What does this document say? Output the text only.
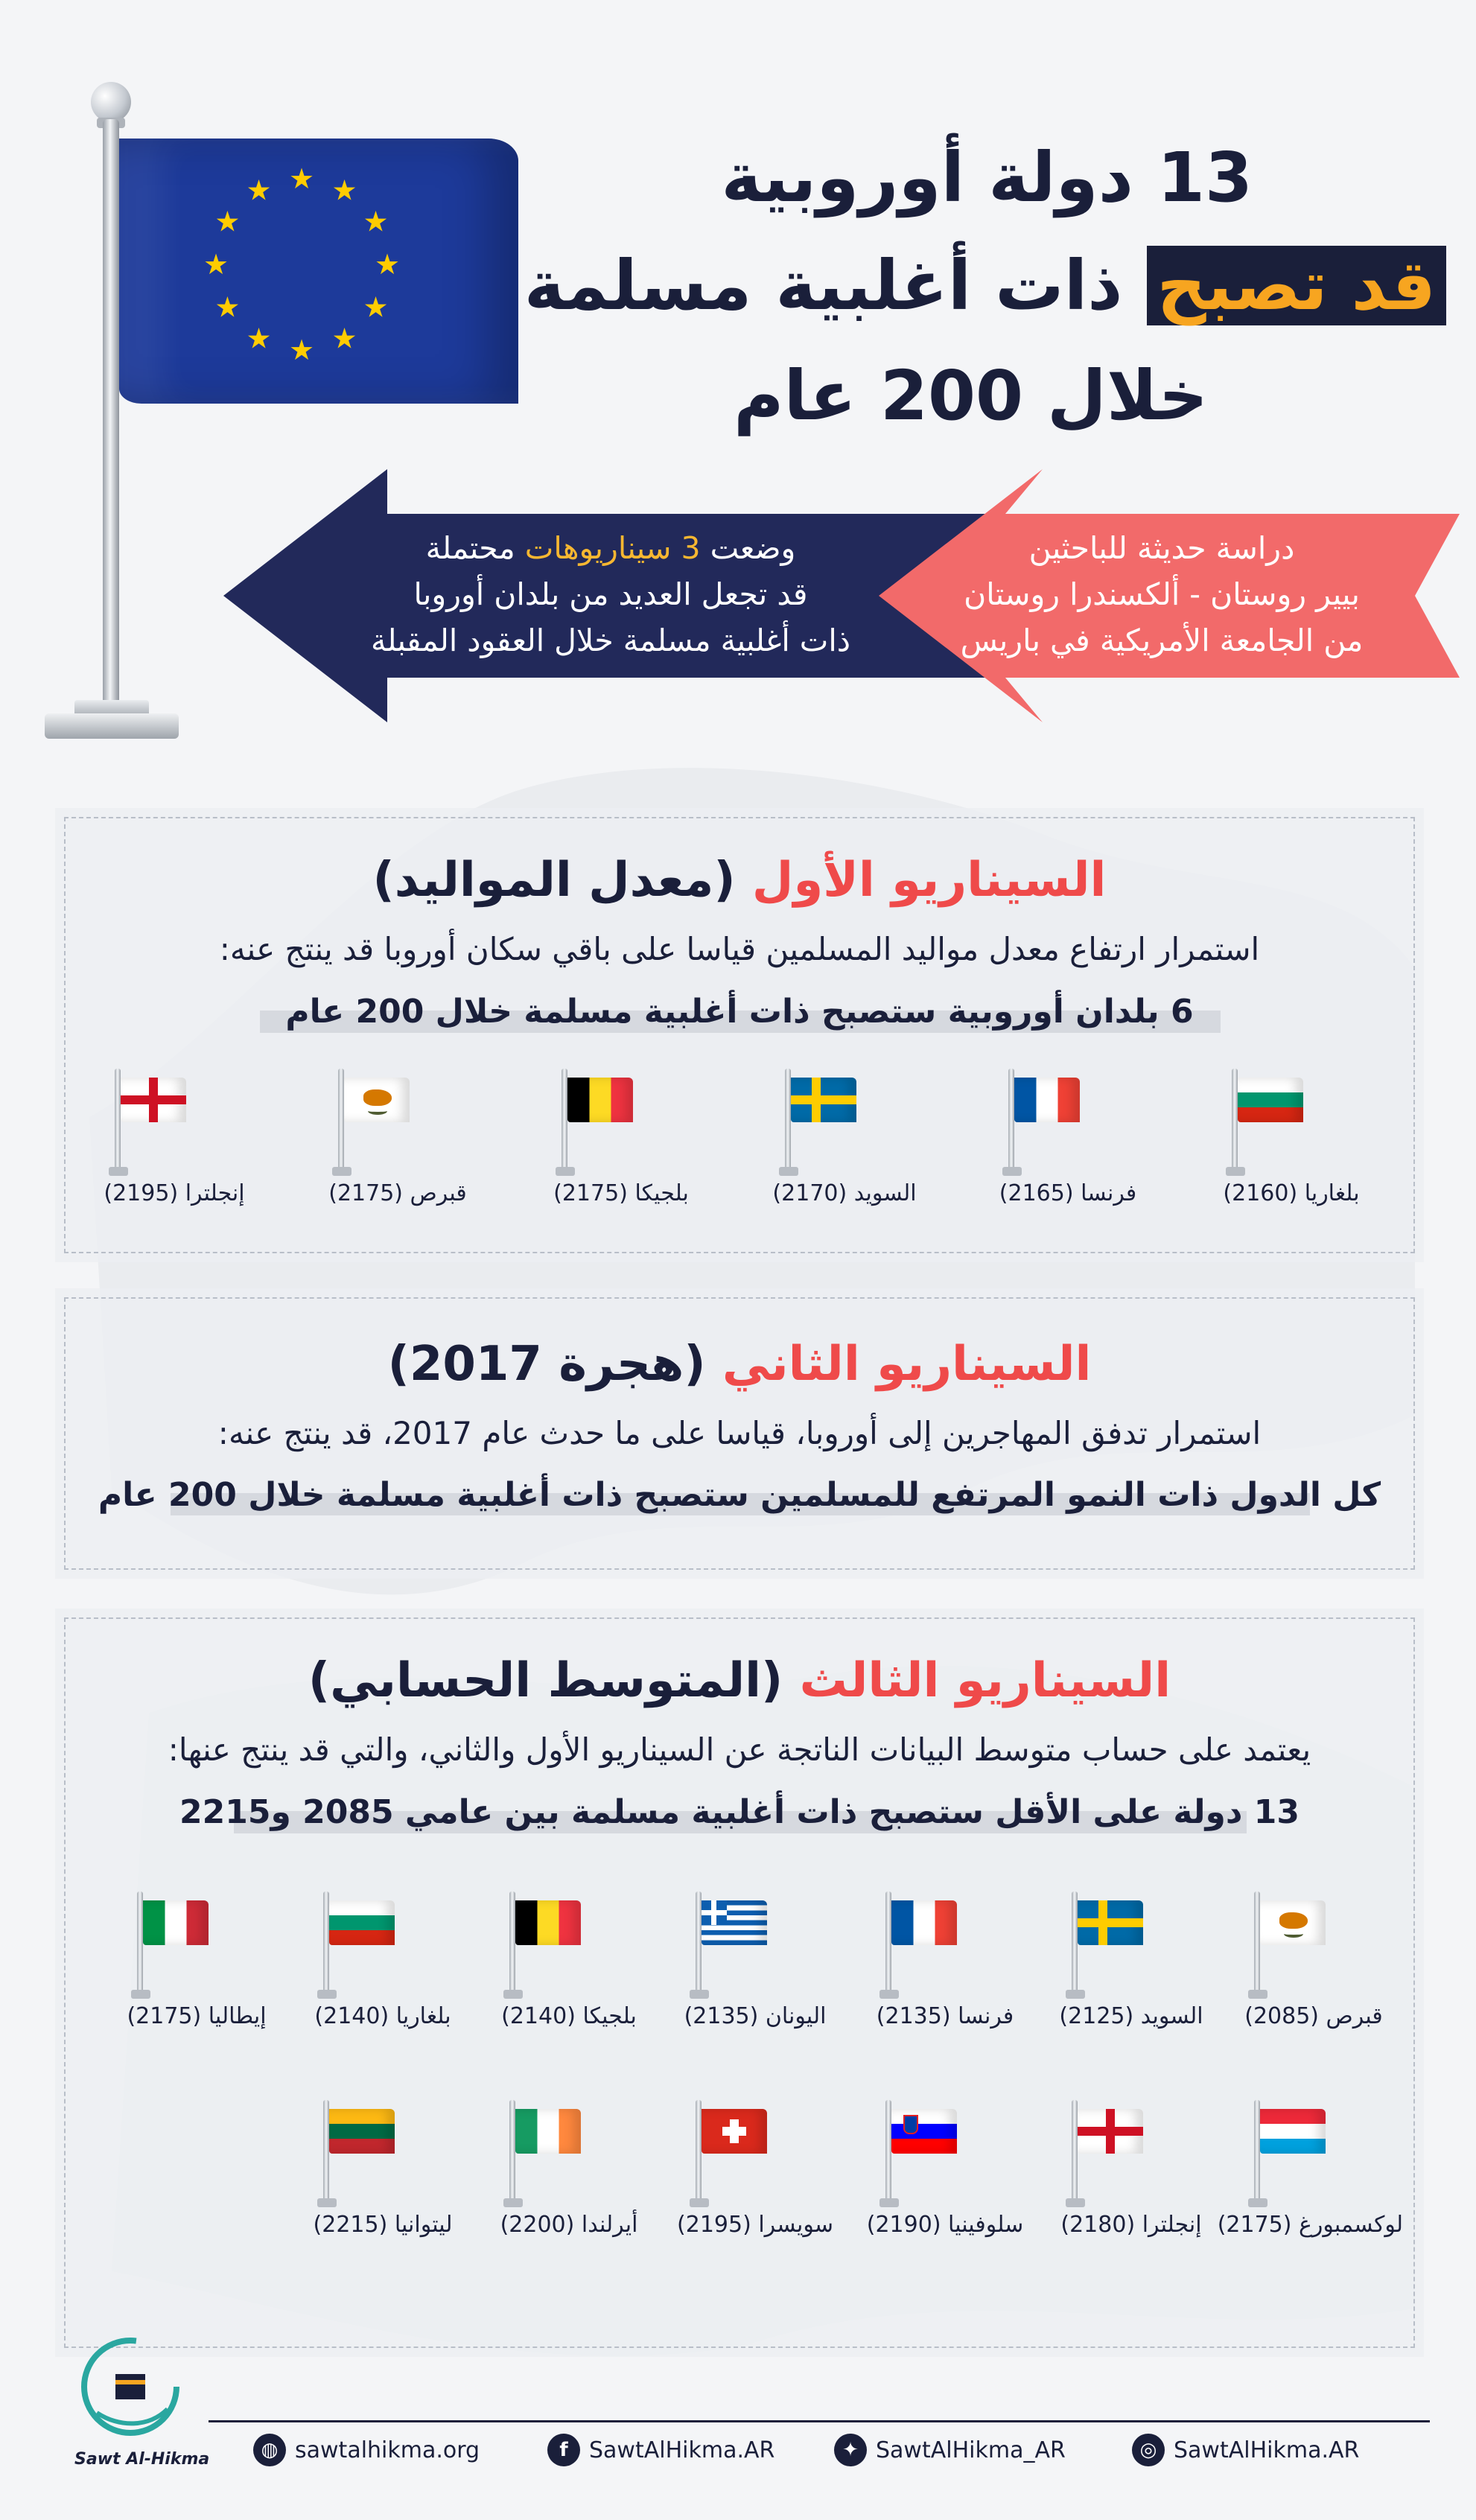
★ ★
★
★
★
★
★
★
★
★
★
★	13 دولة أوروبية
قد تصبح ذات أغلبية مسلمة
خلال 200 عام
وضعت 3 سيناريوهات محتملة
قد تجعل العديد من بلدان أوروبا
ذات أغلبية مسلمة خلال العقود المقبلة
دراسة حديثة للباحثين
بيير روستان - ألكسندرا روستان
من الجامعة الأمريكية في باريس
السيناريو الأول (معدل المواليد)
استمرار ارتفاع معدل مواليد المسلمين قياسا على باقي سكان أوروبا قد ينتج عنه:
6 بلدان أوروبية ستصبح ذات أغلبية مسلمة خلال 200 عام
بلغاريا (2160)
فرنسا (2165)
السويد (2170)
بلجيكا (2175)
قبرص (2175)
إنجلترا (2195)
السيناريو الثاني (هجرة 2017)
استمرار تدفق المهاجرين إلى أوروبا، قياسا على ما حدث عام 2017، قد ينتج عنه:
كل الدول ذات النمو المرتفع للمسلمين ستصبح ذات أغلبية مسلمة خلال 200 عام
السيناريو الثالث (المتوسط الحسابي)
يعتمد على حساب متوسط البيانات الناتجة عن السيناريو الأول والثاني، والتي قد ينتج عنها:
13 دولة على الأقل ستصبح ذات أغلبية مسلمة بين عامي 2085 و2215
قبرص (2085)
السويد (2125)
فرنسا (2135)
اليونان (2135)
بلجيكا (2140)
بلغاريا (2140)
إيطاليا (2175)
لوكسمبورغ (2175)
إنجلترا (2180)
سلوفينيا (2190)
سويسرا (2195)
أيرلندا (2200)
ليتوانيا (2215)
Sawt Al-Hikma	◍ sawtalhikma.org	f SawtAlHikma.AR	✦ SawtAlHikma_AR	◎ SawtAlHikma.AR
